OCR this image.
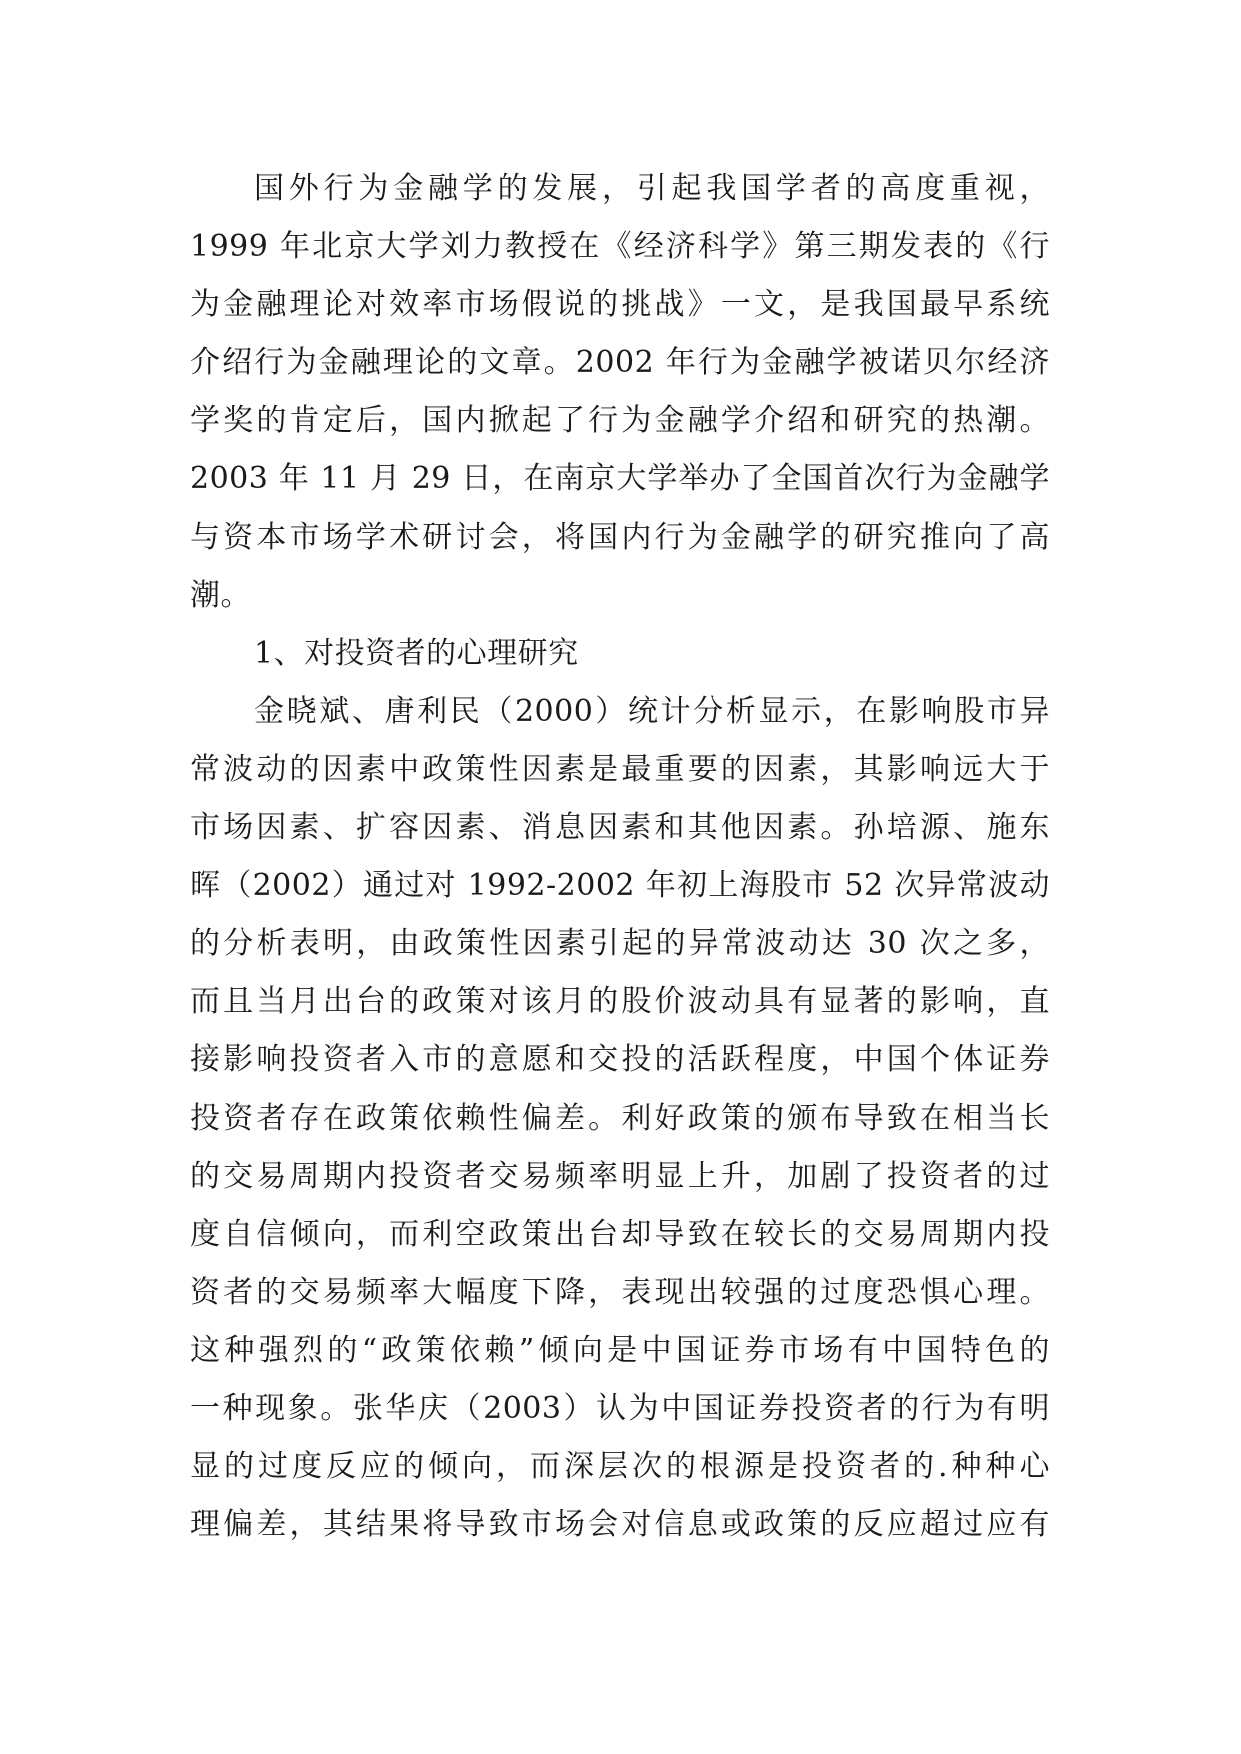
国外行为金融学的发展，引起我国学者的高度重视，
1999 年北京大学刘力教授在《经济科学》第三期发表的《行
为金融理论对效率市场假说的挑战》一文，是我国最早系统
介绍行为金融理论的文章。2002 年行为金融学被诺贝尔经济
学奖的肯定后，国内掀起了行为金融学介绍和研究的热潮。
2003 年 11 月 29 日，在南京大学举办了全国首次行为金融学
与资本市场学术研讨会，将国内行为金融学的研究推向了高
潮。
1、对投资者的心理研究
金晓斌、唐利民（2000）统计分析显示，在影响股市异
常波动的因素中政策性因素是最重要的因素，其影响远大于
市场因素、扩容因素、消息因素和其他因素。孙培源、施东
晖（2002）通过对 1992-2002 年初上海股市 52 次异常波动
的分析表明，由政策性因素引起的异常波动达 30 次之多，
而且当月出台的政策对该月的股价波动具有显著的影响，直
接影响投资者入市的意愿和交投的活跃程度，中国个体证券
投资者存在政策依赖性偏差。利好政策的颁布导致在相当长
的交易周期内投资者交易频率明显上升，加剧了投资者的过
度自信倾向，而利空政策出台却导致在较长的交易周期内投
资者的交易频率大幅度下降，表现出较强的过度恐惧心理。
这种强烈的“政策依赖”倾向是中国证券市场有中国特色的
一种现象。张华庆（2003）认为中国证券投资者的行为有明
显的过度反应的倾向，而深层次的根源是投资者的.种种心
理偏差，其结果将导致市场会对信息或政策的反应超过应有
